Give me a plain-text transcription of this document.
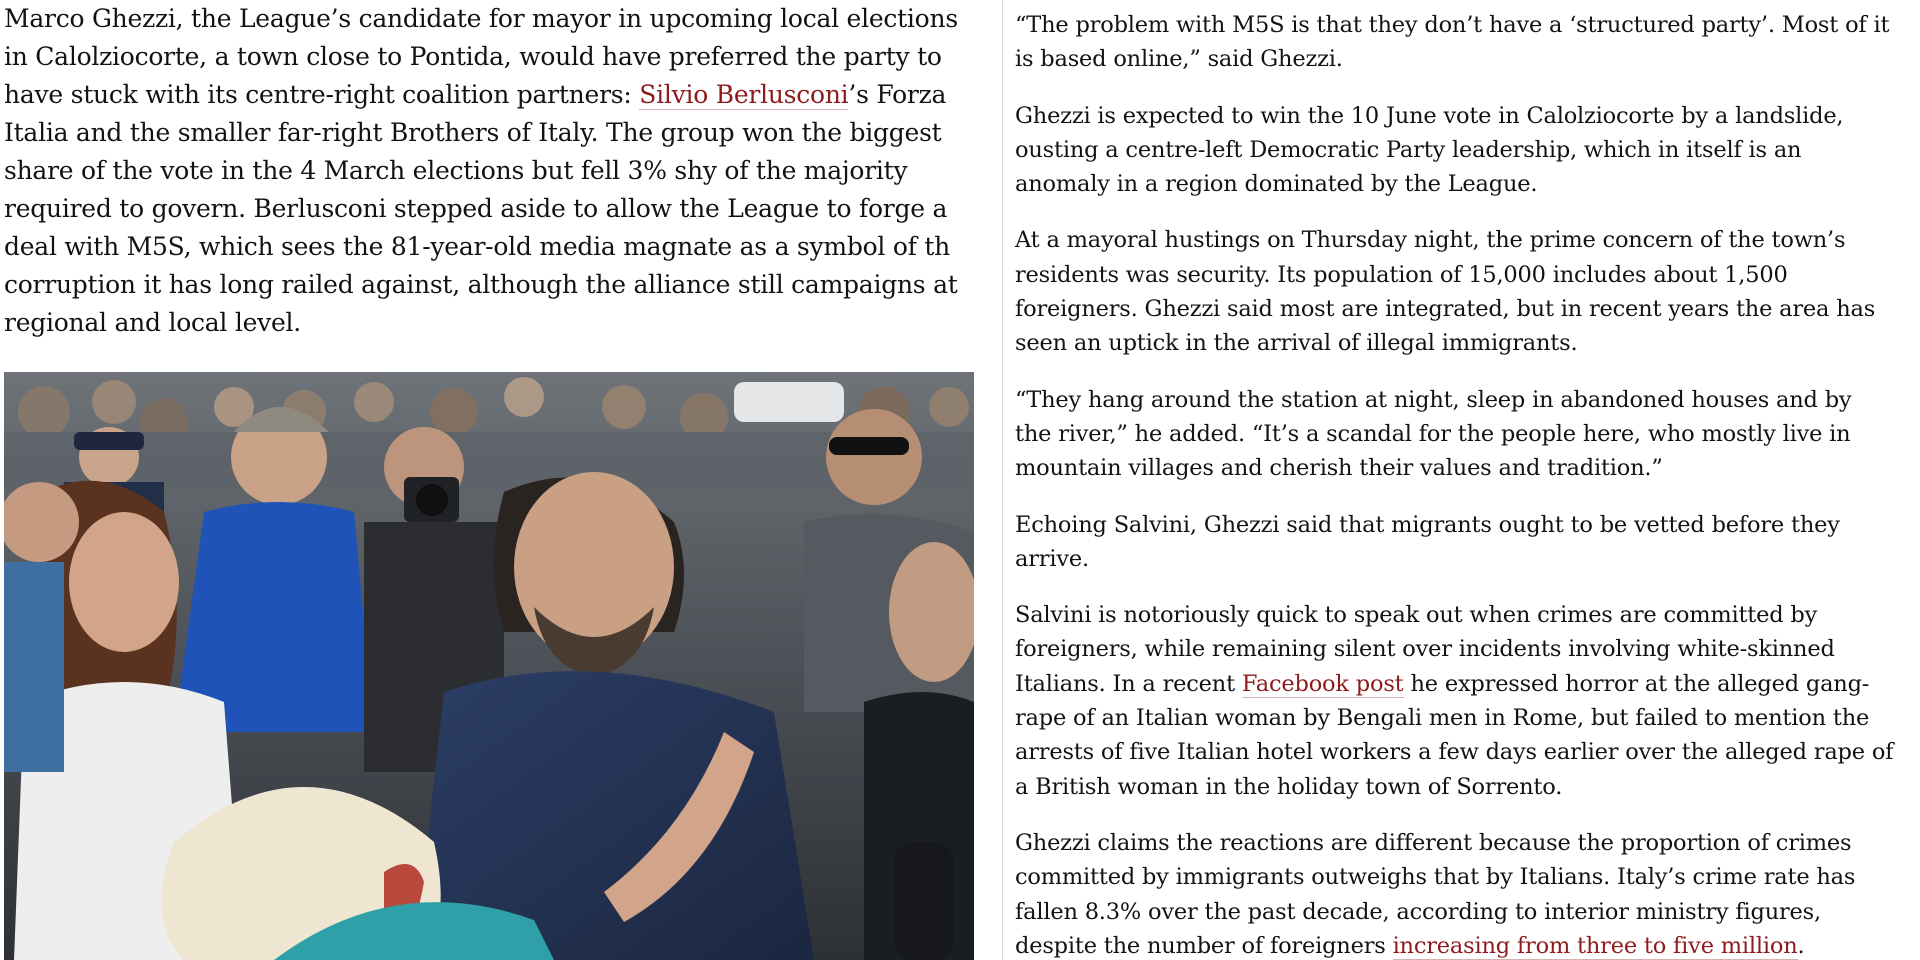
Marco Ghezzi, the League’s candidate for mayor in upcoming local elections
in Calolziocorte, a town close to Pontida, would have preferred the party to
have stuck with its centre-right coalition partners: Silvio Berlusconi’s Forza
Italia and the smaller far-right Brothers of Italy. The group won the biggest
share of the vote in the 4 March elections but fell 3% shy of the majority
required to govern. Berlusconi stepped aside to allow the League to forge a
deal with M5S, which sees the 81-year-old media magnate as a symbol of th
corruption it has long railed against, although the alliance still campaigns at
regional and local level.

“The problem with M5S is that they don’t have a ‘structured party’. Most of it
is based online,” said Ghezzi.

Ghezzi is expected to win the 10 June vote in Calolziocorte by a landslide,
ousting a centre-left Democratic Party leadership, which in itself is an
anomaly in a region dominated by the League.

At a mayoral hustings on Thursday night, the prime concern of the town’s
residents was security. Its population of 15,000 includes about 1,500
foreigners. Ghezzi said most are integrated, but in recent years the area has
seen an uptick in the arrival of illegal immigrants.

“They hang around the station at night, sleep in abandoned houses and by
the river,” he added. “It’s a scandal for the people here, who mostly live in
mountain villages and cherish their values and tradition.”

Echoing Salvini, Ghezzi said that migrants ought to be vetted before they
arrive.

Salvini is notoriously quick to speak out when crimes are committed by
foreigners, while remaining silent over incidents involving white-skinned
Italians. In a recent Facebook post he expressed horror at the alleged gang-
rape of an Italian woman by Bengali men in Rome, but failed to mention the
arrests of five Italian hotel workers a few days earlier over the alleged rape of
a British woman in the holiday town of Sorrento.

Ghezzi claims the reactions are different because the proportion of crimes
committed by immigrants outweighs that by Italians. Italy’s crime rate has
fallen 8.3% over the past decade, according to interior ministry figures,
despite the number of foreigners increasing from three to five million.
